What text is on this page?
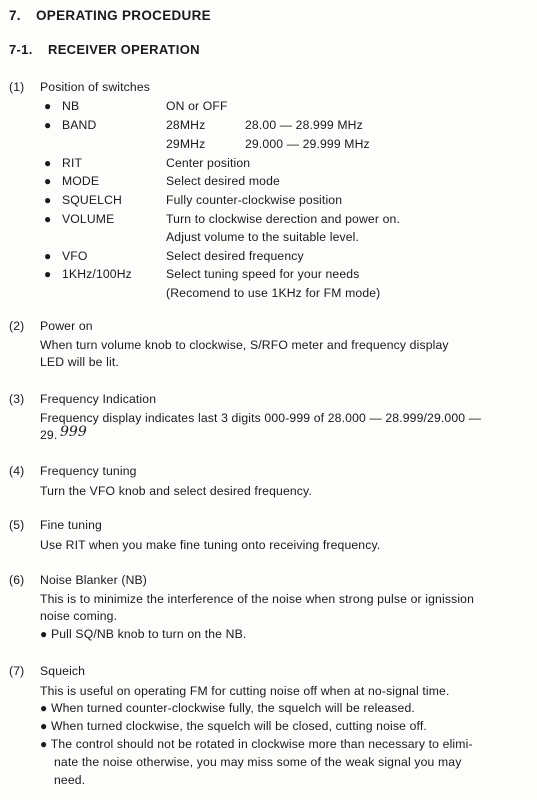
7. OPERATING PROCEDURE
7-1. RECEIVER OPERATION
(1) Position of switches
● NB	ON or OFF
● BAND	28MHz	28.00 — 28.999 MHz
29MHz	29.000 — 29.999 MHz
● RIT	Center position
● MODE	Select desired mode
● SQUELCH	Fully counter-clockwise position
● VOLUME	Turn to clockwise derection and power on.
Adjust volume to the suitable level.
● VFO	Select desired frequency
● 1KHz/100Hz	Select tuning speed for your needs
(Recomend to use 1KHz for FM mode)
(2) Power on
When turn volume knob to clockwise, S/RFO meter and frequency display
LED will be lit.
(3) Frequency Indication
Frequency display indicates last 3 digits 000-999 of 28.000 — 28.999/29.000 —
29. 999
(4) Frequency tuning
Turn the VFO knob and select desired frequency.
(5) Fine tuning
Use RIT when you make fine tuning onto receiving frequency.
(6) Noise Blanker (NB)
This is to minimize the interference of the noise when strong pulse or ignission
noise coming.
● Pull SQ/NB knob to turn on the NB.
(7) Squeich
This is useful on operating FM for cutting noise off when at no-signal time.
● When turned counter-clockwise fully, the squelch will be released.
● When turned clockwise, the squelch will be closed, cutting noise off.
● The control should not be rotated in clockwise more than necessary to elimi-
nate the noise otherwise, you may miss some of the weak signal you may
need.
